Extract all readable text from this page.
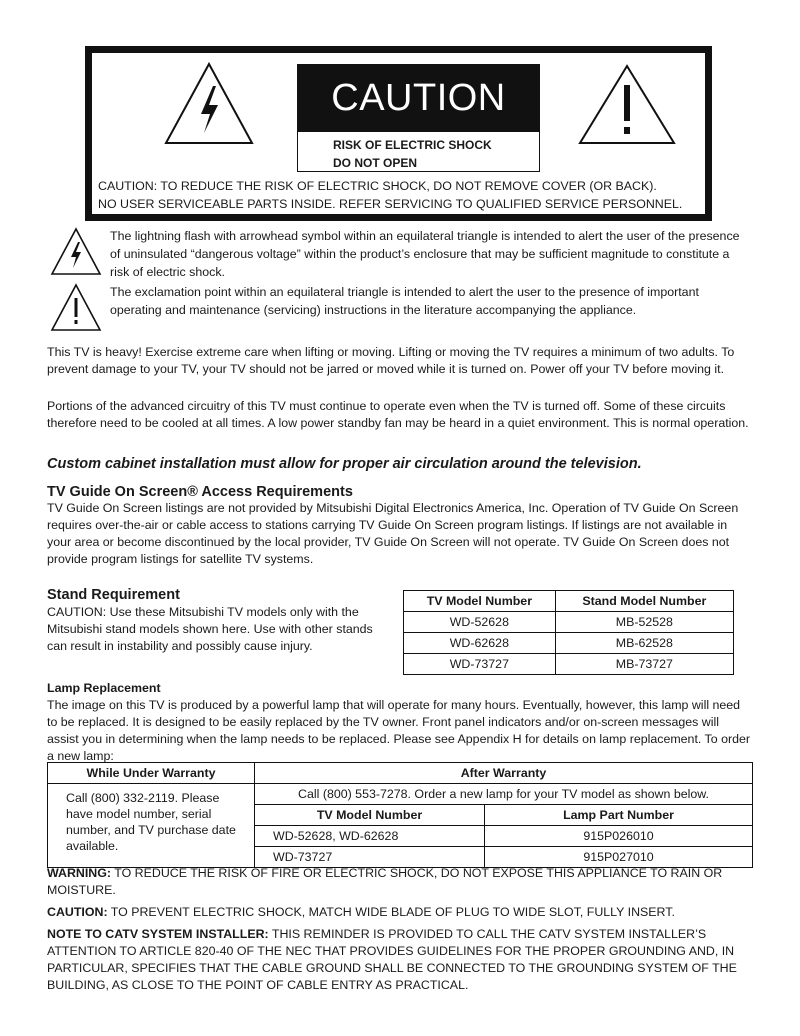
CAUTION
RISK OF ELECTRIC SHOCK
DO NOT OPEN
CAUTION: TO REDUCE THE RISK OF ELECTRIC SHOCK, DO NOT REMOVE COVER (OR BACK).
NO USER SERVICEABLE PARTS INSIDE. REFER SERVICING TO QUALIFIED SERVICE PERSONNEL.
The lightning flash with arrowhead symbol within an equilateral triangle is intended to alert the user of the presence of uninsulated “dangerous voltage” within the product’s enclosure that may be sufficient magnitude to constitute a risk of electric shock.
The exclamation point within an equilateral triangle is intended to alert the user to the presence of important operating and maintenance (servicing) instructions in the literature accompanying the appliance.
This TV is heavy! Exercise extreme care when lifting or moving. Lifting or moving the TV requires a minimum of two adults. To prevent damage to your TV, your TV should not be jarred or moved while it is turned on. Power off your TV before moving it.
Portions of the advanced circuitry of this TV must continue to operate even when the TV is turned off. Some of these circuits therefore need to be cooled at all times. A low power standby fan may be heard in a quiet environment. This is normal operation.
Custom cabinet installation must allow for proper air circulation around the television.
TV Guide On Screen® Access Requirements
TV Guide On Screen listings are not provided by Mitsubishi Digital Electronics America, Inc. Operation of TV Guide On Screen requires over-the-air or cable access to stations carrying TV Guide On Screen program listings. If listings are not available in your area or become discontinued by the local provider, TV Guide On Screen will not operate. TV Guide On Screen does not provide program listings for satellite TV systems.
Stand Requirement
CAUTION: Use these Mitsubishi TV models only with the Mitsubishi stand models shown here. Use with other stands can result in instability and possibly cause injury.
TV Model Number	Stand Model Number
WD-52628	MB-52528
WD-62628	MB-62528
WD-73727	MB-73727
Lamp Replacement
The image on this TV is produced by a powerful lamp that will operate for many hours. Eventually, however, this lamp will need to be replaced. It is designed to be easily replaced by the TV owner. Front panel indicators and/or on-screen messages will assist you in determining when the lamp needs to be replaced. Please see Appendix H for details on lamp replacement. To order a new lamp:
While Under Warranty	After Warranty	
Call (800) 332-2119. Please have model number, serial number, and TV purchase date available.	Call (800) 553-7278. Order a new lamp for your TV model as shown below.	
	TV Model Number	Lamp Part Number
	WD-52628, WD-62628	915P026010
	WD-73727	915P027010
WARNING: TO REDUCE THE RISK OF FIRE OR ELECTRIC SHOCK, DO NOT EXPOSE THIS APPLIANCE TO RAIN OR MOISTURE.
CAUTION: TO PREVENT ELECTRIC SHOCK, MATCH WIDE BLADE OF PLUG TO WIDE SLOT, FULLY INSERT.
NOTE TO CATV SYSTEM INSTALLER: THIS REMINDER IS PROVIDED TO CALL THE CATV SYSTEM INSTALLER’S ATTENTION TO ARTICLE 820-40 OF THE NEC THAT PROVIDES GUIDELINES FOR THE PROPER GROUNDING AND, IN PARTICULAR, SPECIFIES THAT THE CABLE GROUND SHALL BE CONNECTED TO THE GROUNDING SYSTEM OF THE BUILDING, AS CLOSE TO THE POINT OF CABLE ENTRY AS PRACTICAL.
